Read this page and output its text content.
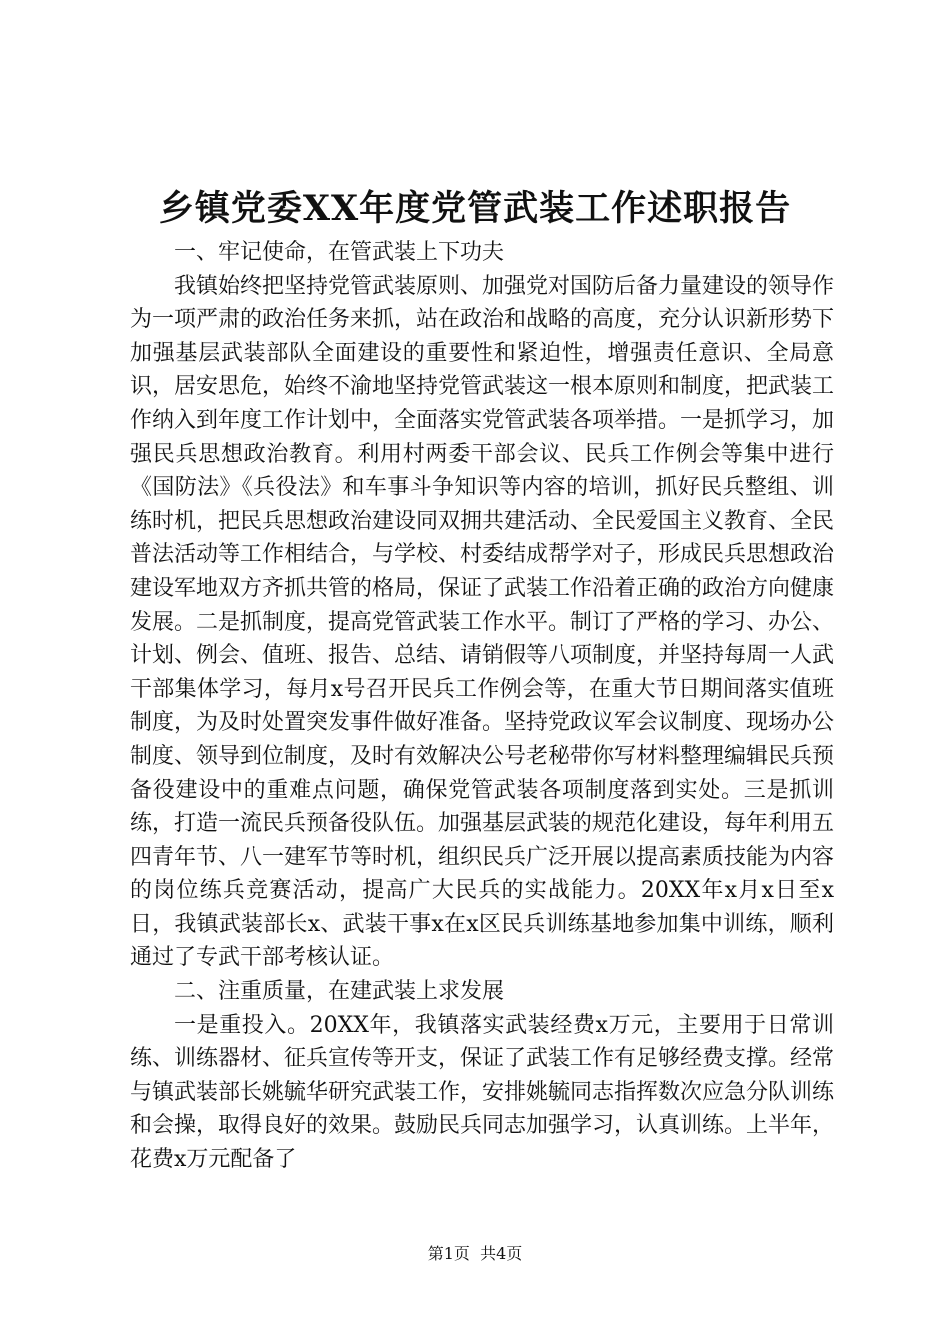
乡镇党委XX年度党管武装工作述职报告

一、牢记使命，在管武装上下功夫

我镇始终把坚持党管武装原则、加强党对国防后备力量建设的领导作为一项严肃的政治任务来抓，站在政治和战略的高度，充分认识新形势下加强基层武装部队全面建设的重要性和紧迫性，增强责任意识、全局意识，居安思危，始终不渝地坚持党管武装这一根本原则和制度，把武装工作纳入到年度工作计划中，全面落实党管武装各项举措。一是抓学习，加强民兵思想政治教育。利用村两委干部会议、民兵工作例会等集中进行《国防法》《兵役法》和车事斗争知识等内容的培训，抓好民兵整组、训练时机，把民兵思想政治建设同双拥共建活动、全民爱国主义教育、全民普法活动等工作相结合，与学校、村委结成帮学对子，形成民兵思想政治建设军地双方齐抓共管的格局，保证了武装工作沿着正确的政治方向健康发展。二是抓制度，提高党管武装工作水平。制订了严格的学习、办公、计划、例会、值班、报告、总结、请销假等八项制度，并坚持每周一人武干部集体学习，每月x号召开民兵工作例会等，在重大节日期间落实值班制度，为及时处置突发事件做好准备。坚持党政议军会议制度、现场办公制度、领导到位制度，及时有效解决公号老秘带你写材料整理编辑民兵预备役建设中的重难点问题，确保党管武装各项制度落到实处。三是抓训练，打造一流民兵预备役队伍。加强基层武装的规范化建设，每年利用五四青年节、八一建军节等时机，组织民兵广泛开展以提高素质技能为内容的岗位练兵竞赛活动，提高广大民兵的实战能力。20XX年x月x日至x日，我镇武装部长x、武装干事x在x区民兵训练基地参加集中训练，顺利通过了专武干部考核认证。

二、注重质量，在建武装上求发展

一是重投入。20XX年，我镇落实武装经费x万元，主要用于日常训练、训练器材、征兵宣传等开支，保证了武装工作有足够经费支撑。经常与镇武装部长姚毓华研究武装工作，安排姚毓同志指挥数次应急分队训练和会操，取得良好的效果。鼓励民兵同志加强学习，认真训练。上半年，花费x万元配备了

第1页 共4页
